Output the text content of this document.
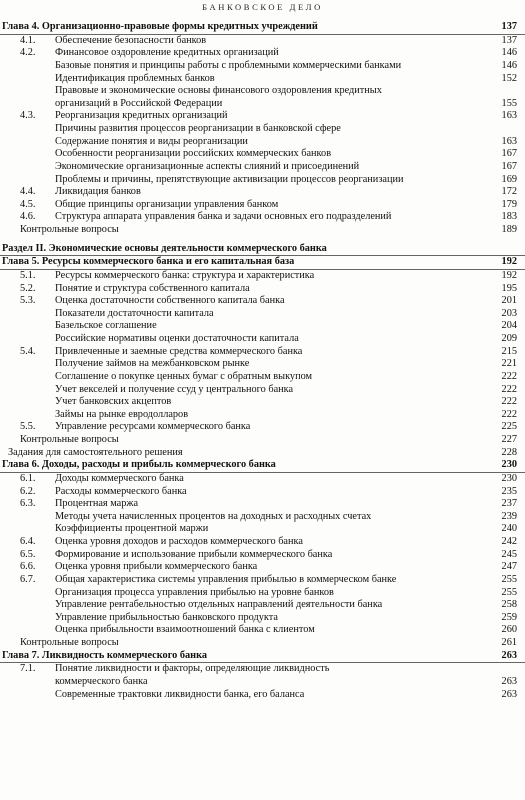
БАНКОВСКОЕ ДЕЛО
Глава 4. Организационно-правовые формы кредитных учреждений	137
4.1. Обеспечение безопасности банков	137
4.2. Финансовое оздоровление кредитных организаций	146
Базовые понятия и принципы работы с проблемными коммерческими банками	146
Идентификация проблемных банков	152
Правовые и экономические основы финансового оздоровления кредитных
организаций в Российской Федерации	155
4.3. Реорганизация кредитных организаций	163
Причины развития процессов реорганизации в банковской сфере
Содержание понятия и виды реорганизации	163
Особенности реорганизации российских коммерческих банков	167
Экономические организационные аспекты слияний и присоединений	167
Проблемы и причины, препятствующие активизации процессов реорганизации	169
4.4. Ликвидация банков	172
4.5. Общие принципы организации управления банком	179
4.6. Структура аппарата управления банка и задачи основных его подразделений	183
Контрольные вопросы	189
Раздел II. Экономические основы деятельности коммерческого банка
Глава 5. Ресурсы коммерческого банка и его капитальная база	192
5.1. Ресурсы коммерческого банка: структура и характеристика	192
5.2. Понятие и структура собственного капитала	195
5.3. Оценка достаточности собственного капитала банка	201
Показатели достаточности капитала	203
Базельское соглашение	204
Российские нормативы оценки достаточности капитала	209
5.4. Привлеченные и заемные средства коммерческого банка	215
Получение займов на межбанковском рынке	221
Соглашение о покупке ценных бумаг с обратным выкупом	222
Учет векселей и получение ссуд у центрального банка	222
Учет банковских акцептов	222
Займы на рынке евродолларов	222
5.5. Управление ресурсами коммерческого банка	225
Контрольные вопросы	227
Задания для самостоятельного решения	228
Глава 6. Доходы, расходы и прибыль коммерческого банка	230
6.1. Доходы коммерческого банка	230
6.2. Расходы коммерческого банка	235
6.3. Процентная маржа	237
Методы учета начисленных процентов на доходных и расходных счетах	239
Коэффициенты процентной маржи	240
6.4. Оценка уровня доходов и расходов коммерческого банка	242
6.5. Формирование и использование прибыли коммерческого банка	245
6.6. Оценка уровня прибыли коммерческого банка	247
6.7. Общая характеристика системы управления прибылью в коммерческом банке	255
Организация процесса управления прибылью на уровне банков	255
Управление рентабельностью отдельных направлений деятельности банка	258
Управление прибыльностью банковского продукта	259
Оценка прибыльности взаимоотношений банка с клиентом	260
Контрольные вопросы	261
Глава 7. Ликвидность коммерческого банка	263
7.1. Понятие ликвидности и факторы, определяющие ликвидность
коммерческого банка	263
Современные трактовки ликвидности банка, его баланса	263
